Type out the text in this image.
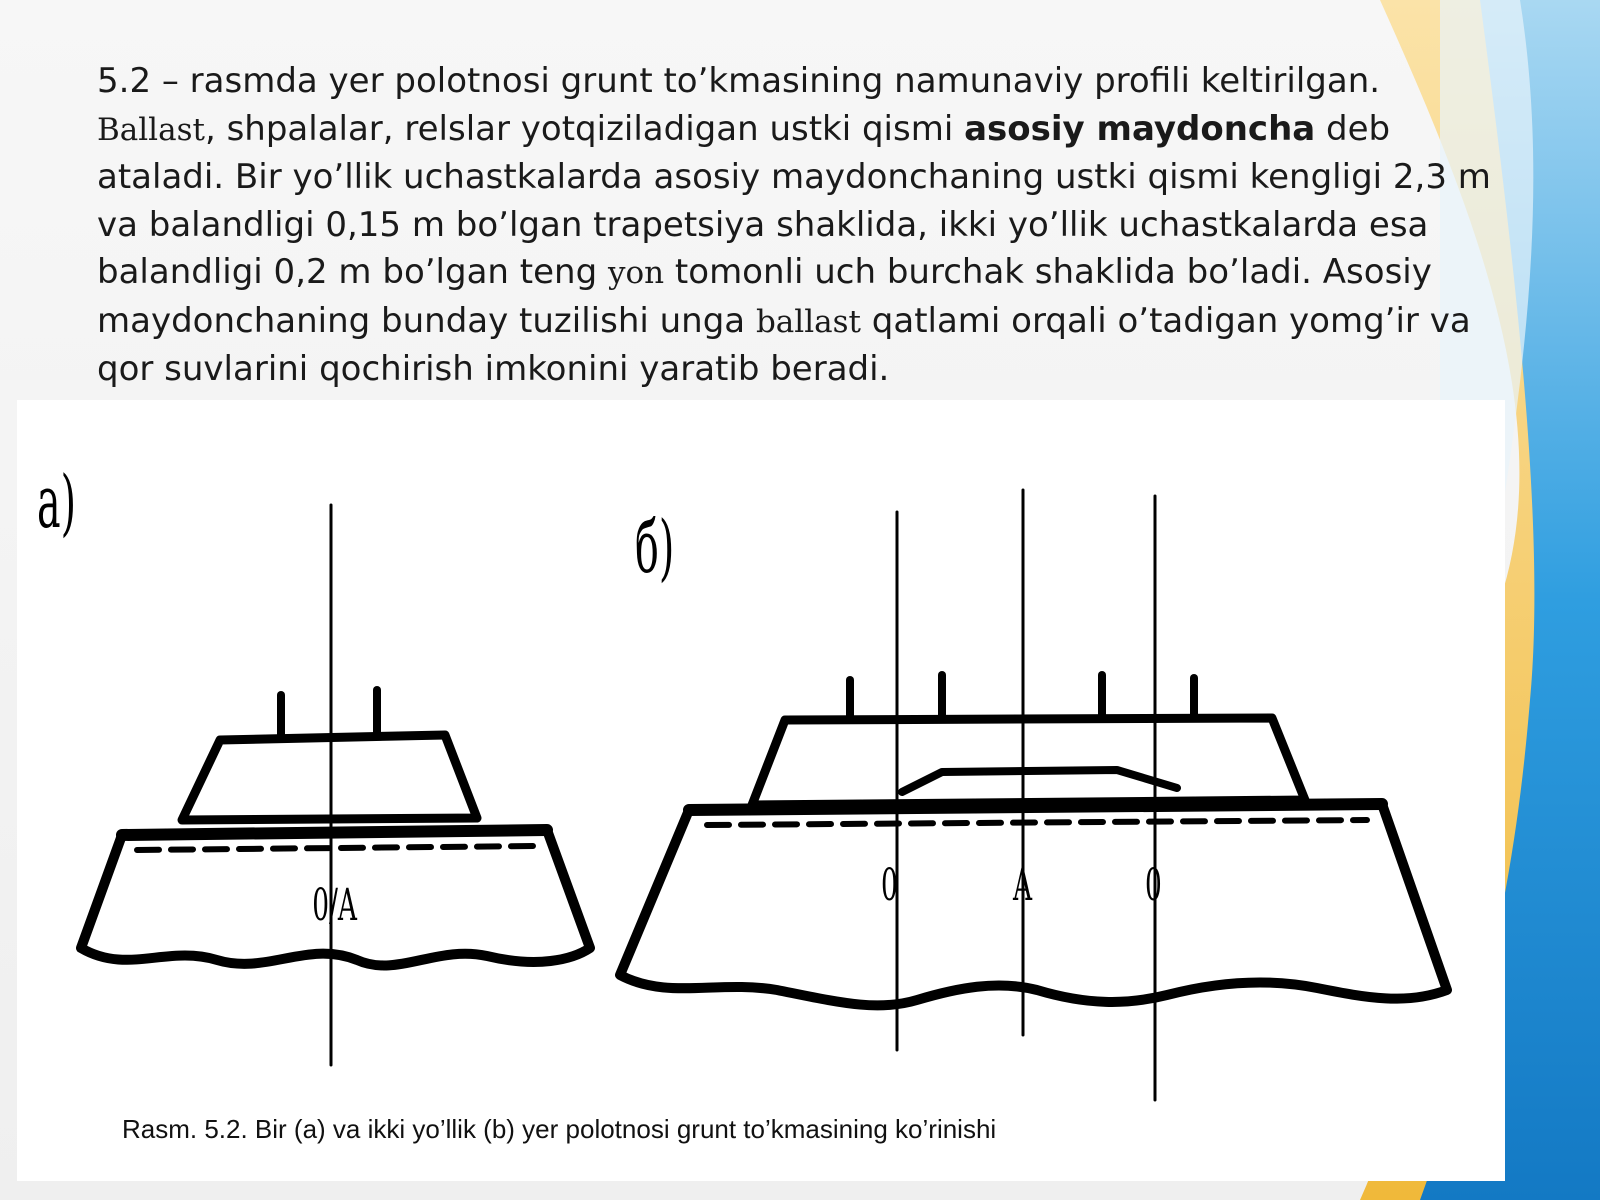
5.2 – rasmda yer polotnosi grunt to’kmasining namunaviy profili keltirilgan. Ballast, shpalalar, relslar yotqiziladigan ustki qismi asosiy maydoncha deb ataladi. Bir yo’llik uchastkalarda asosiy maydonchaning ustki qismi kengligi 2,3 m va balandligi 0,15 m bo’lgan trapetsiya shaklida, ikki yo’llik uchastkalarda esa balandligi 0,2 m bo’lgan teng yon tomonli uch burchak shaklida bo’ladi. Asosiy maydonchaning bunday tuzilishi unga ballast qatlami orqali o’tadigan yomg’ir va qor suvlarini qochirish imkonini yaratib beradi.

0/A	0	A	0
a)
б)
Rasm. 5.2. Bir (a) va ikki yo’llik (b) yer polotnosi grunt to’kmasining ko’rinishi
